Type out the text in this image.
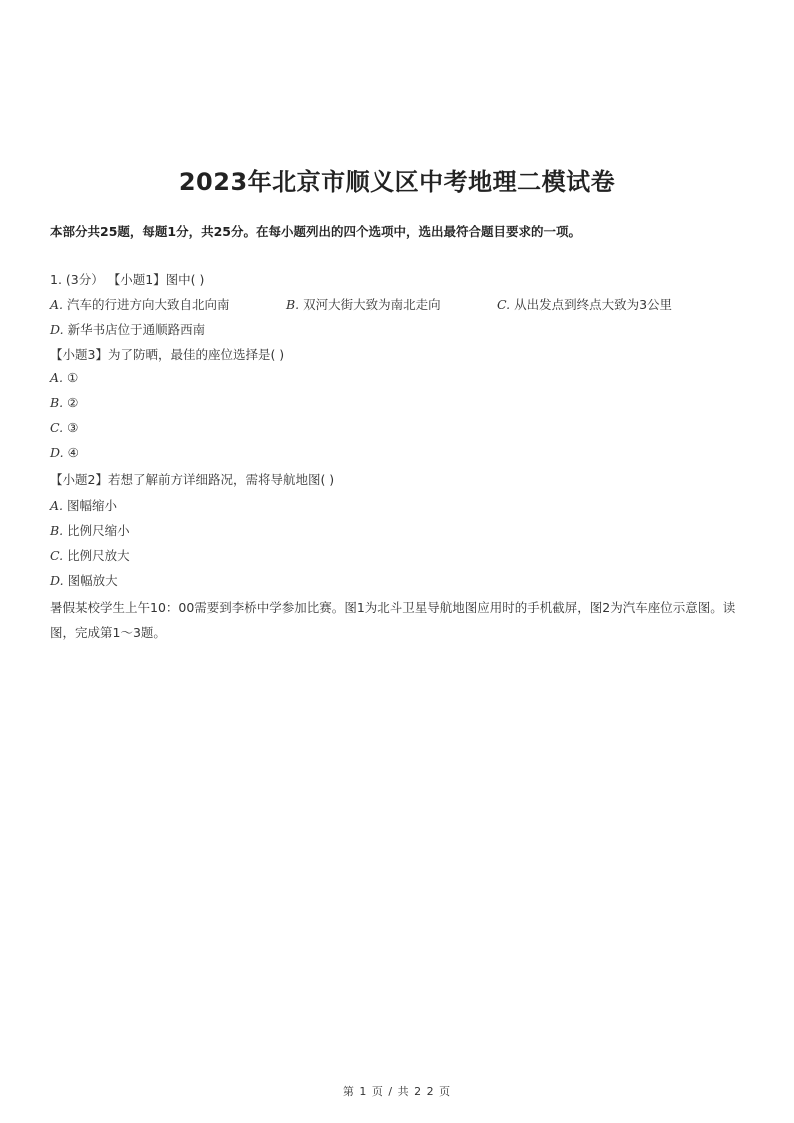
2023年北京市顺义区中考地理二模试卷
本部分共25题，每题1分，共25分。在每小题列出的四个选项中，选出最符合题目要求的一项。
1. (3分） 【小题1】图中( )
A. 汽车的行进方向大致自北向南	B. 双河大街大致为南北走向	C. 从出发点到终点大致为3公里
D. 新华书店位于通顺路西南
【小题3】为了防晒，最佳的座位选择是( )
A. ①
B. ②
C. ③
D. ④
【小题2】若想了解前方详细路况，需将导航地图( )
A. 图幅缩小
B. 比例尺缩小
C. 比例尺放大
D. 图幅放大
暑假某校学生上午10：00需要到李桥中学参加比赛。图1为北斗卫星导航地图应用时的手机截屏，图2为汽车座位示意图。读图，完成第1～3题。
第 1 页 / 共 2 2 页
